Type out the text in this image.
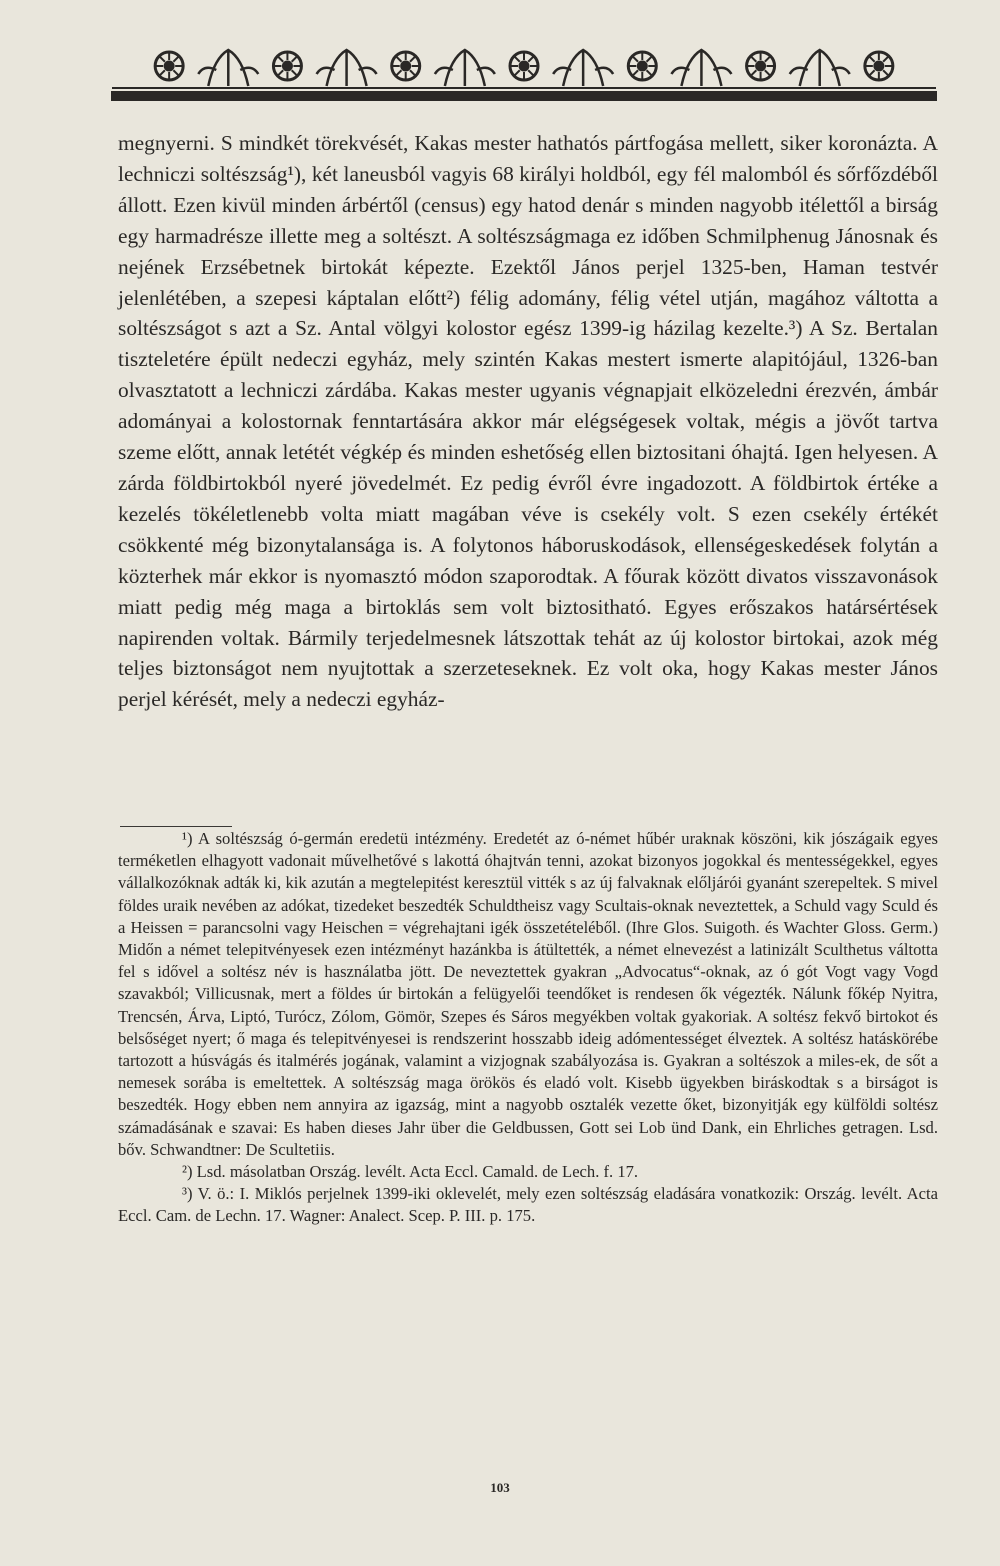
megnyerni. S mindkét törekvését, Kakas mester hathatós pártfogása mellett, siker koronázta. A lechniczi soltészság¹), két laneusból vagyis 68 királyi holdból, egy fél malomból és sőrfőzdéből állott. Ezen kivül minden árbértől (census) egy hatod denár s minden nagyobb itélettől a birság egy harmadrésze illette meg a soltészt. A soltészságmaga ez időben Schmilphenug Jánosnak és nejének Erzsébetnek birtokát képezte. Ezektől János perjel 1325-ben, Haman testvér jelenlétében, a szepesi káptalan előtt²) félig adomány, félig vétel utján, magához váltotta a soltészságot s azt a Sz. Antal völgyi kolostor egész 1399-ig házilag kezelte.³) A Sz. Bertalan tiszteletére épült nedeczi egyház, mely szintén Kakas mestert ismerte alapitójául, 1326-ban olvasztatott a lechniczi zárdába. Kakas mester ugyanis végnapjait elközeledni érezvén, ámbár adományai a kolostornak fenntartására akkor már elégségesek voltak, mégis a jövőt tartva szeme előtt, annak letétét végkép és minden eshetőség ellen biztositani óhajtá. Igen helyesen. A zárda földbirtokból nyeré jövedelmét. Ez pedig évről évre ingadozott. A földbirtok értéke a kezelés tökéletlenebb volta miatt magában véve is csekély volt. S ezen csekély értékét csökkenté még bizonytalansága is. A folytonos háboruskodások, ellenségeskedések folytán a közterhek már ekkor is nyomasztó módon szaporodtak. A főurak között divatos visszavonások miatt pedig még maga a birtoklás sem volt biztositható. Egyes erőszakos határsértések napirenden voltak. Bármily terjedelmesnek látszottak tehát az új kolostor birtokai, azok még teljes biztonságot nem nyujtottak a szerzeteseknek. Ez volt oka, hogy Kakas mester János perjel kérését, mely a nedeczi egyház-

¹) A soltészság ó-germán eredetü intézmény. Eredetét az ó-német hűbér uraknak köszöni, kik jószágaik egyes terméketlen elhagyott vadonait művelhetővé s lakottá óhajtván tenni, azokat bizonyos jogokkal és mentességekkel, egyes vállalkozóknak adták ki, kik azután a megtelepitést keresztül vitték s az új falvaknak előljárói gyanánt szerepeltek. S mivel földes uraik nevében az adókat, tizedeket beszedték Schuldtheisz vagy Scultais-oknak neveztettek, a Schuld vagy Sculd és a Heissen = parancsolni vagy Heischen = végrehajtani igék összetételéből. (Ihre Glos. Suigoth. és Wachter Gloss. Germ.) Midőn a német telepitvényesek ezen intézményt hazánkba is átültették, a német elnevezést a latinizált Sculthetus váltotta fel s idővel a soltész név is használatba jött. De neveztettek gyakran „Advocatus“-oknak, az ó gót Vogt vagy Vogd szavakból; Villicusnak, mert a földes úr birtokán a felügyelői teendőket is rendesen ők végezték. Nálunk főkép Nyitra, Trencsén, Árva, Liptó, Turócz, Zólom, Gömör, Szepes és Sáros megyékben voltak gyakoriak. A soltész fekvő birtokot és belsőséget nyert; ő maga és telepitvényesei is rendszerint hosszabb ideig adómentességet élveztek. A soltész hatáskörébe tartozott a húsvágás és italmérés jogának, valamint a vizjognak szabályozása is. Gyakran a soltészok a miles-ek, de sőt a nemesek sorába is emeltettek. A soltészság maga örökös és eladó volt. Kisebb ügyekben biráskodtak s a birságot is beszedték. Hogy ebben nem annyira az igazság, mint a nagyobb osztalék vezette őket, bizonyitják egy külföldi soltész számadásának e szavai: Es haben dieses Jahr über die Geldbussen, Gott sei Lob ünd Dank, ein Ehrliches getragen. Lsd. bőv. Schwandtner: De Scultetiis.

²) Lsd. másolatban Ország. levélt. Acta Eccl. Camald. de Lech. f. 17.

³) V. ö.: I. Miklós perjelnek 1399-iki oklevelét, mely ezen soltészság eladására vonatkozik: Ország. levélt. Acta Eccl. Cam. de Lechn. 17. Wagner: Analect. Scep. P. III. p. 175.

103
